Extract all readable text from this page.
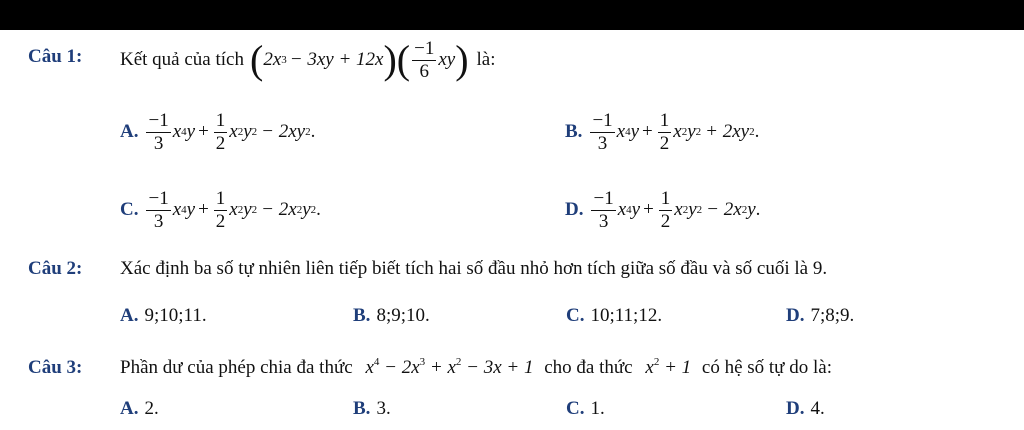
Câu 1: Kết quả của tích ( 2x 3 − 3xy + 12x ) ( $\frac{-1}{6}$ xy ) là:
A. $\frac{-1}{3}$ x 4 $y + \frac{1}{2}$ x 2 y 2 − 2xy 2 .	B. $\frac{-1}{3}$ x 4 $y + \frac{1}{2}$ x 2 y 2 + 2xy 2 .
C. $\frac{-1}{3}$ x 4 $y + \frac{1}{2}$ x 2 y 2 − 2x 2 y 2 .	D. $\frac{-1}{3}$ x 4 $y + \frac{1}{2}$ x 2 y 2 − 2x 2 y .
Câu 2: Xác định ba số tự nhiên liên tiếp biết tích hai số đầu nhỏ hơn tích giữa số đầu và số cuối là 9.
A. 9;10;11.	B. 8;9;10.	C. 10;11;12.	D. 7;8;9.
Câu 3: Phần dư của phép chia đa thức $x^4 - 2x^3 + x^2 - 3x + 1$ cho đa thức $x^2 + 1$ có hệ số tự do là:
A. 2.	B. 3.	C. 1.	D. 4.
